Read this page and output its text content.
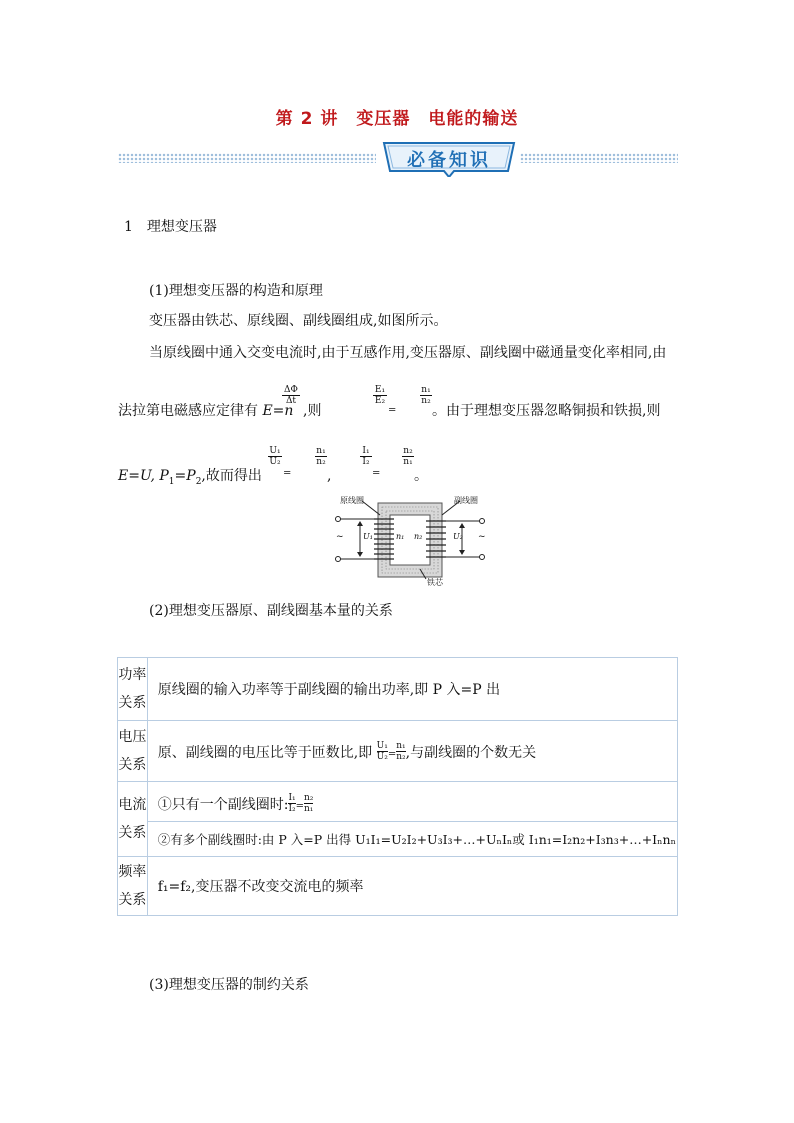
第 2 讲　变压器　电能的输送
必备知识
1　理想变压器
(1)理想变压器的构造和原理
变压器由铁芯、原线圈、副线圈组成,如图所示。
当原线圈中通入交变电流时,由于互感作用,变压器原、副线圈中磁通量变化率相同,由
法拉第电磁感应定律有 E=n
ΔΦ
Δt
,则
E₁
E₂
=
n₁
n₂
。由于理想变压器忽略铜损和铁损,则
E=U, $P_1=P_2$,故而得出
U₁
U₂
=
n₁
n₂
,
I₁
I₂
=
n₂
n₁
。
原线圈	副线圈
铁芯
U₁	U₂
n₁ n₂
~	~
(2)理想变压器原、副线圈基本量的关系
功率关系	原线圈的输入功率等于副线圈的输出功率,即 P 入=P 出
电压关系	原、副线圈的电压比等于匝数比,即 $\frac{\text{U₁}}{\text{U₂}}=\frac{\text{n₁}}{\text{n₂}}$,与副线圈的个数无关
电流关系	①只有一个副线圈时$:\frac{\text{I₁}}{\text{I₂}}=\frac{\text{n₂}}{\text{n₁}}$
	②有多个副线圈时:由 P 入=P 出得 U₁I₁=U₂I₂+U₃I₃+…+UₙIₙ或 I₁n₁=I₂n₂+I₃n₃+…+Iₙnₙ
频率关系	f₁=f₂,变压器不改变交流电的频率
(3)理想变压器的制约关系
